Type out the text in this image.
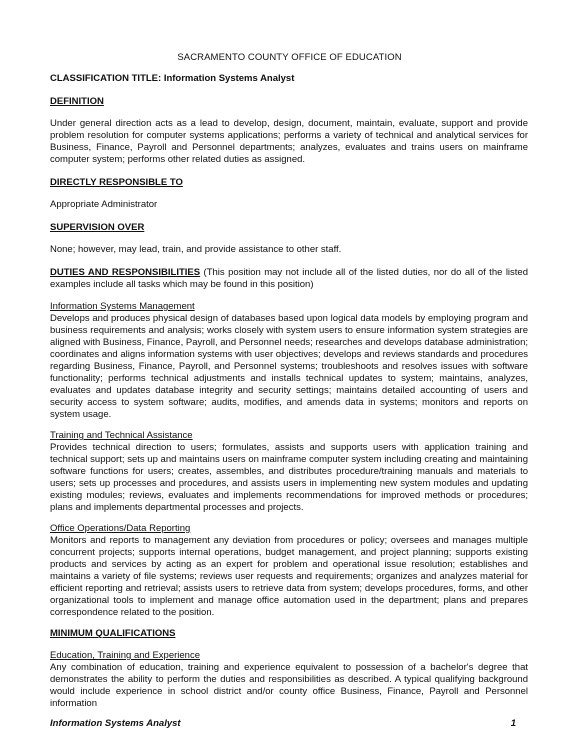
SACRAMENTO COUNTY OFFICE OF EDUCATION

CLASSIFICATION TITLE: Information Systems Analyst

DEFINITION

Under general direction acts as a lead to develop, design, document, maintain, evaluate, support and provide problem resolution for computer systems applications; performs a variety of technical and analytical services for Business, Finance, Payroll and Personnel departments; analyzes, evaluates and trains users on mainframe computer system; performs other related duties as assigned.

DIRECTLY RESPONSIBLE TO

Appropriate Administrator

SUPERVISION OVER

None; however, may lead, train, and provide assistance to other staff.

DUTIES AND RESPONSIBILITIES (This position may not include all of the listed duties, nor do all of the listed examples include all tasks which may be found in this position)

Information Systems Management

Develops and produces physical design of databases based upon logical data models by employing program and business requirements and analysis; works closely with system users to ensure information system strategies are aligned with Business, Finance, Payroll, and Personnel needs; researches and develops database administration; coordinates and aligns information systems with user objectives; develops and reviews standards and procedures regarding Business, Finance, Payroll, and Personnel systems; troubleshoots and resolves issues with software functionality; performs technical adjustments and installs technical updates to system; maintains, analyzes, evaluates and updates database integrity and security settings; maintains detailed accounting of users and security access to system software; audits, modifies, and amends data in systems; monitors and reports on system usage.

Training and Technical Assistance

Provides technical direction to users; formulates, assists and supports users with application training and technical support; sets up and maintains users on mainframe computer system including creating and maintaining software functions for users; creates, assembles, and distributes procedure/training manuals and materials to users; sets up processes and procedures, and assists users in implementing new system modules and updating existing modules; reviews, evaluates and implements recommendations for improved methods or procedures; plans and implements departmental processes and projects.

Office Operations/Data Reporting

Monitors and reports to management any deviation from procedures or policy; oversees and manages multiple concurrent projects; supports internal operations, budget management, and project planning; supports existing products and services by acting as an expert for problem and operational issue resolution; establishes and maintains a variety of file systems; reviews user requests and requirements; organizes and analyzes material for efficient reporting and retrieval; assists users to retrieve data from system; develops procedures, forms, and other organizational tools to implement and manage office automation used in the department; plans and prepares correspondence related to the position.

MINIMUM QUALIFICATIONS

Education, Training and Experience

Any combination of education, training and experience equivalent to possession of a bachelor's degree that demonstrates the ability to perform the duties and responsibilities as described. A typical qualifying background would include experience in school district and/or county office Business, Finance, Payroll and Personnel information

Information Systems Analyst	1
